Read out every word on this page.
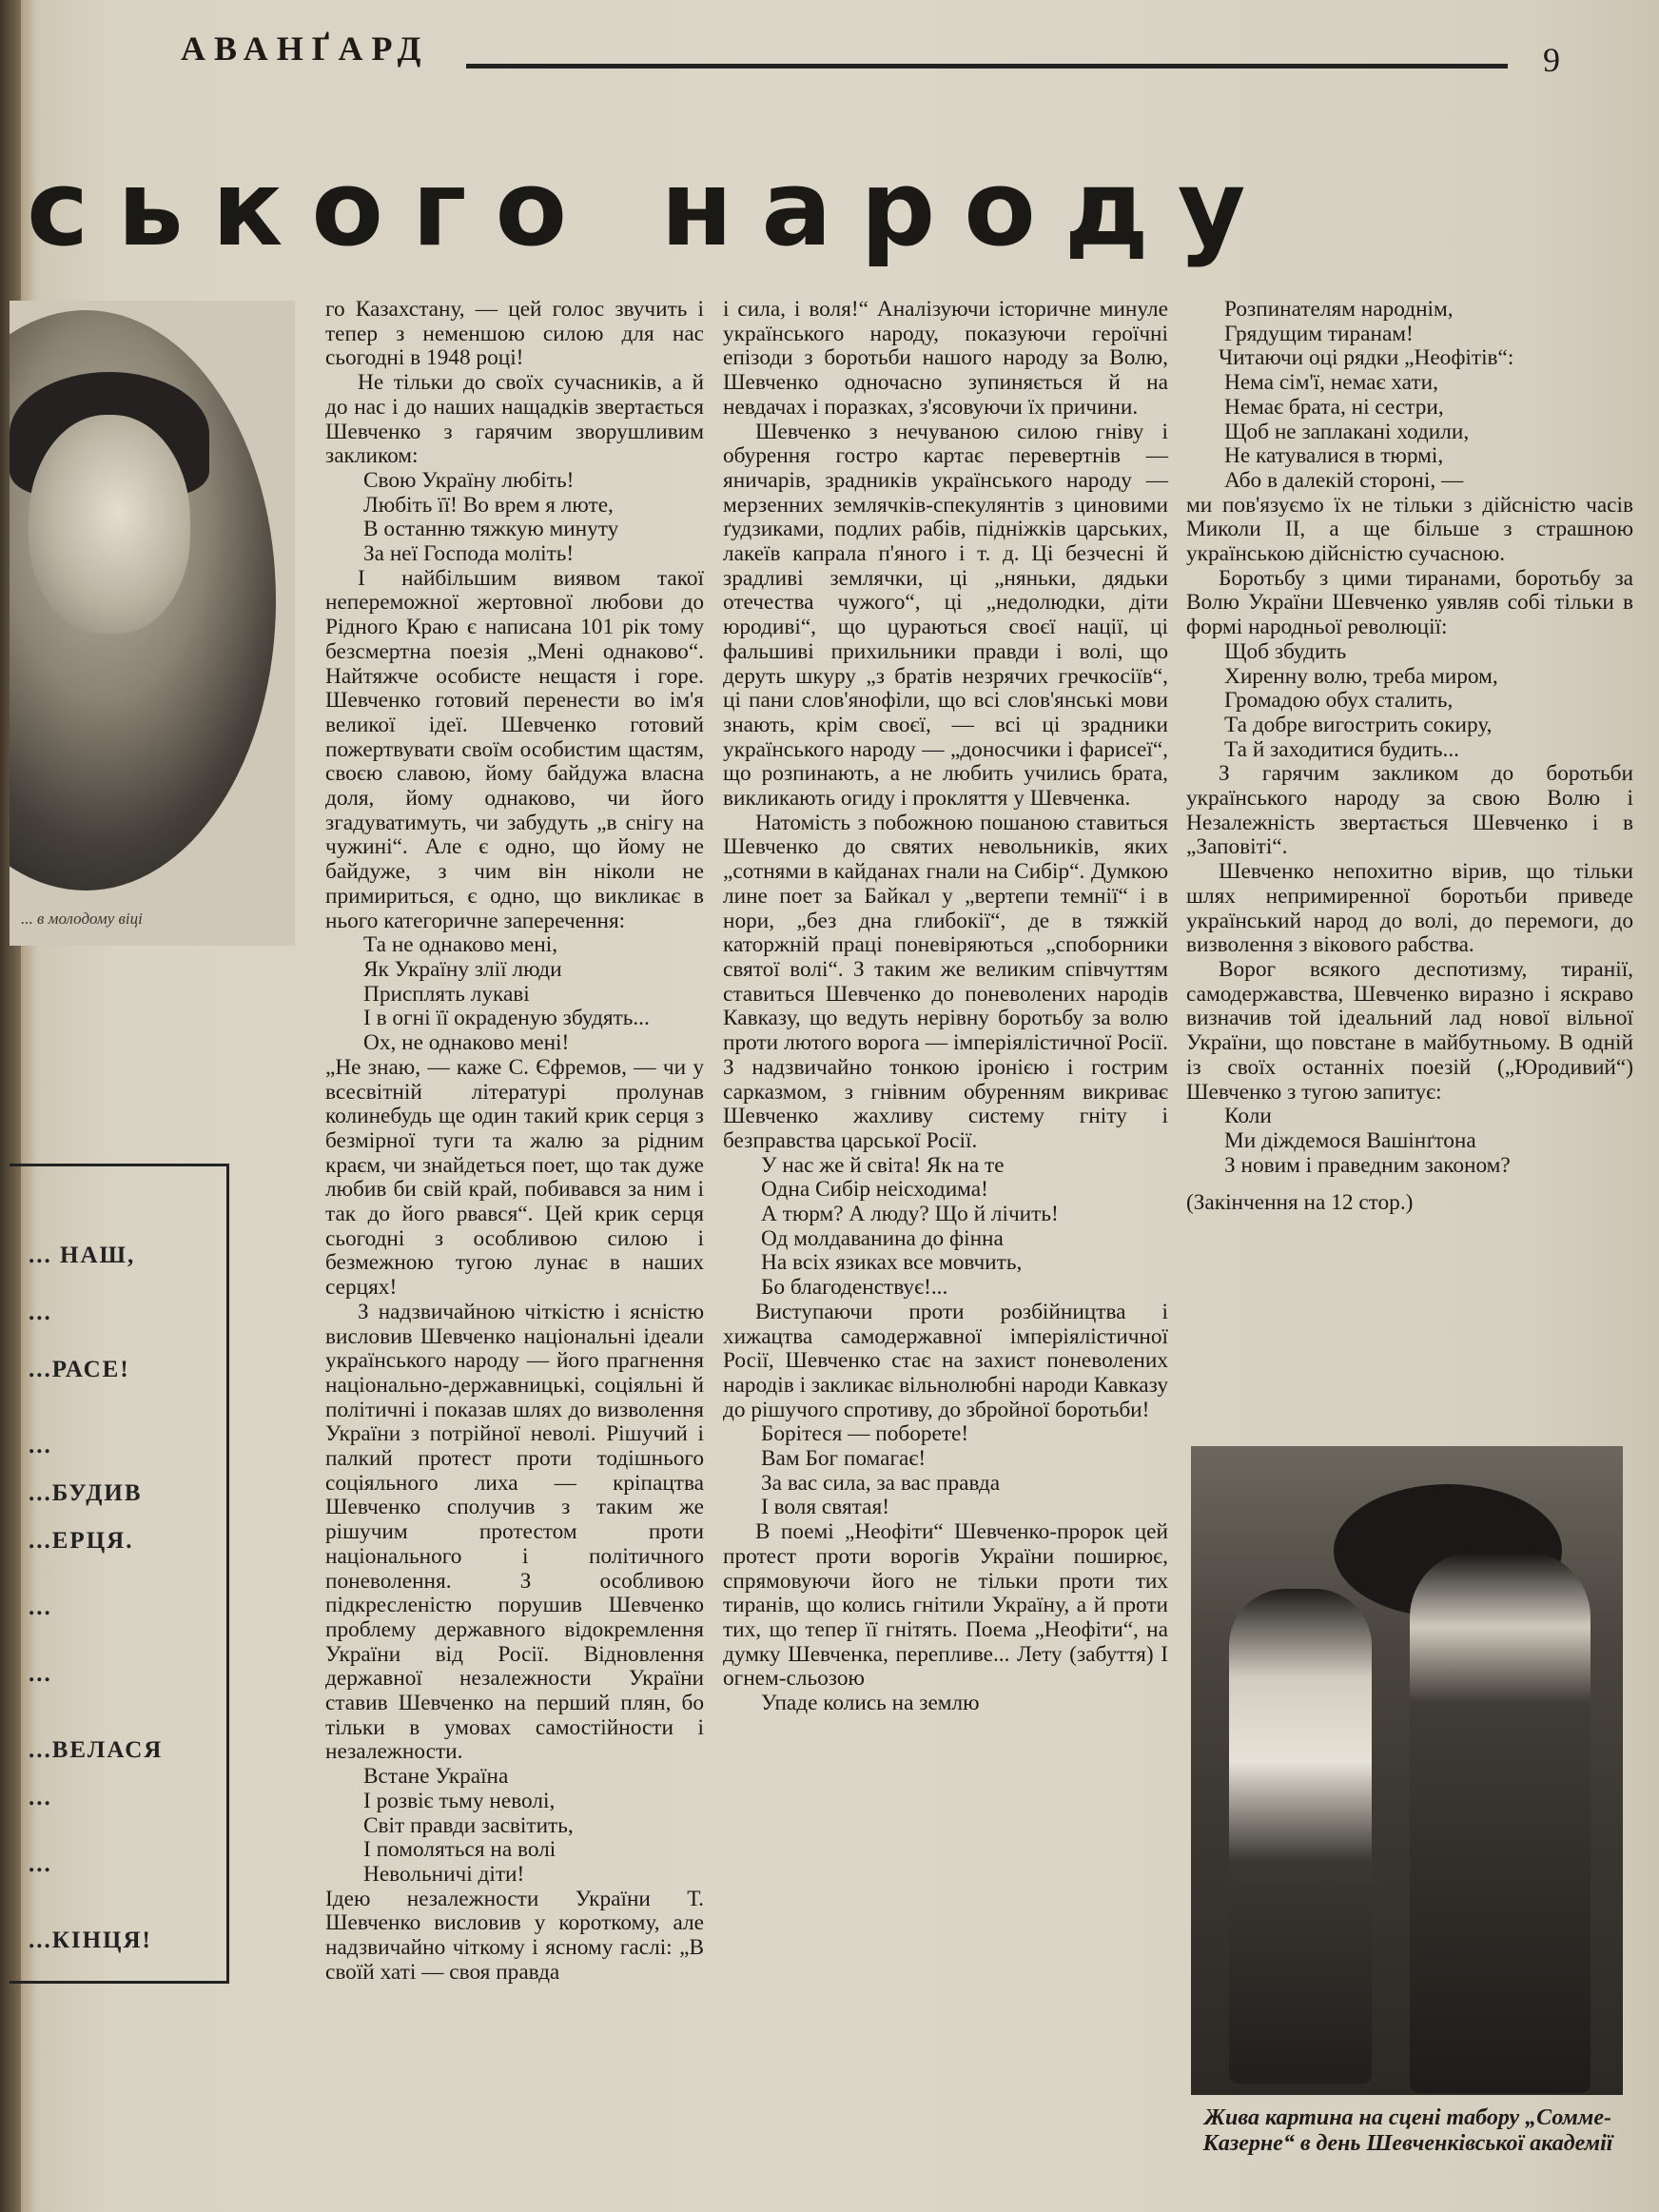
АВАНҐАРД	9
ського народу
... в молодому віці
... НАШ,
...
...РАСЕ!
...
...БУДИВ
...ЕРЦЯ.
...
...
...ВЕЛАСЯ
...
...
...КІНЦЯ!

го Казахстану, — цей голос звучить і тепер з неменшою силою для нас сьогодні в 1948 році!

Не тільки до своїх сучасників, а й до нас і до наших нащадків звертається Шевченко з гарячим зворушливим закликом:

Свою Україну любіть!

Любіть її! Во врем я люте,

В останню тяжкую минуту

За неї Господа моліть!

І найбільшим виявом такої непереможної жертовної любови до Рідного Краю є написана 101 рік тому безсмертна поезія „Мені однаково“. Найтяжче особисте нещастя і горе. Шевченко готовий перенести во ім'я великої ідеї. Шевченко готовий пожертвувати своїм особистим щастям, своєю славою, йому байдужа власна доля, йому однаково, чи його згадуватимуть, чи забудуть „в снігу на чужині“. Але є одно, що йому не байдуже, з чим він ніколи не примириться, є одно, що викликає в нього категоричне заперечення:

Та не однаково мені,

Як Україну злії люди

Присплять лукаві

І в огні її окраденую збудять...

Ох, не однаково мені!

„Не знаю, — каже С. Єфремов, — чи у всесвітній літературі пролунав колинебудь ще один такий крик серця з безмірної туги та жалю за рідним краєм, чи знайдеться поет, що так дуже любив би свій край, побивався за ним і так до його рвався“. Цей крик серця сьогодні з особливою силою і безмежною тугою лунає в наших серцях!

З надзвичайною чіткістю і ясністю висловив Шевченко національні ідеали українського народу — його прагнення національно-державницькі, соціяльні й політичні і показав шлях до визволення України з потрійної неволі. Рішучий і палкий протест проти тодішнього соціяльного лиха — кріпацтва Шевченко сполучив з таким же рішучим протестом проти національного і політичного поневолення. З особливою підкресленістю порушив Шевченко проблему державного відокремлення України від Росії. Відновлення державної незалежности України ставив Шевченко на перший плян, бо тільки в умовах самостійности і незалежности.

Встане Україна

І розвіє тьму неволі,

Світ правди засвітить,

І помоляться на волі

Невольничі діти!

Ідею незалежности України Т. Шевченко висловив у короткому, але надзвичайно чіткому і ясному гаслі: „В своїй хаті — своя правда

і сила, і воля!“ Аналізуючи історичне минуле українського народу, показуючи героїчні епізоди з боротьби нашого народу за Волю, Шевченко одночасно зупиняється й на невдачах і поразках, з'ясовуючи їх причини.

Шевченко з нечуваною силою гніву і обурення гостро картає перевертнів — яничарів, зрадників українського народу — мерзенних землячків-спекулянтів з циновими ґудзиками, подлих рабів, підніжків царських, лакеїв капрала п'яного і т. д. Ці безчесні й зрадливі землячки, ці „няньки, дядьки отечества чужого“, ці „недолюдки, діти юродиві“, що цураються своєї нації, ці фальшиві прихильники правди і волі, що деруть шкуру „з братів незрячих гречкосіїв“, ці пани слов'янофіли, що всі слов'янські мови знають, крім своєї, — всі ці зрадники українського народу — „доносчики і фарисеї“, що розпинають, а не любить учились брата, викликають огиду і прокляття у Шевченка.

Натомість з побожною пошаною ставиться Шевченко до святих невольників, яких „сотнями в кайданах гнали на Сибір“. Думкою лине поет за Байкал у „вертепи темнії“ і в нори, „без дна глибокії“, де в тяжкій каторжній праці поневіряються „споборники святої волі“. З таким же великим співчуттям ставиться Шевченко до поневолених народів Кавказу, що ведуть нерівну боротьбу за волю проти лютого ворога — імперіялістичної Росії. З надзвичайно тонкою іронією і гострим сарказмом, з гнівним обуренням викриває Шевченко жахливу систему гніту і безправства царської Росії.

У нас же й світа! Як на те

Одна Сибір неісходима!

А тюрм? А люду? Що й лічить!

Од молдаванина до фінна

На всіх язиках все мовчить,

Бо благоденствує!...

Виступаючи проти розбійництва і хижацтва самодержавної імперіялістичної Росії, Шевченко стає на захист поневолених народів і закликає вільнолюбні народи Кавказу до рішучого спротиву, до збройної боротьби!

Борітеся — поборете!

Вам Бог помагає!

За вас сила, за вас правда

І воля святая!

В поемі „Неофіти“ Шевченко-пророк цей протест проти ворогів України поширює, спрямовуючи його не тільки проти тих тиранів, що колись гнітили Україну, а й проти тих, що тепер її гнітять. Поема „Неофіти“, на думку Шевченка, перепливе... Лету (забуття) І огнем-сльозою

Упаде колись на землю

Розпинателям народнім,

Грядущим тиранам!

Читаючи оці рядки „Неофітів“:

Нема сім'ї, немає хати,

Немає брата, ні сестри,

Щоб не заплакані ходили,

Не катувалися в тюрмі,

Або в далекій стороні, —

ми пов'язуємо їх не тільки з дійсністю часів Миколи II, а ще більше з страшною українською дійсністю сучасною.

Боротьбу з цими тиранами, боротьбу за Волю України Шевченко уявляв собі тільки в формі народньої революції:

Щоб збудить

Хиренну волю, треба миром,

Громадою обух сталить,

Та добре вигострить сокиру,

Та й заходитися будить...

З гарячим закликом до боротьби українського народу за свою Волю і Незалежність звертається Шевченко і в „Заповіті“.

Шевченко непохитно вірив, що тільки шлях непримиренної боротьби приведе український народ до волі, до перемоги, до визволення з вікового рабства.

Ворог всякого деспотизму, тиранії, самодержавства, Шевченко виразно і яскраво визначив той ідеальний лад нової вільної України, що повстане в майбутньому. В одній із своїх останніх поезій („Юродивий“) Шевченко з тугою запитує:

Коли

Ми діждемося Вашінґтона

З новим і праведним законом?

(Закінчення на 12 стор.)

Жива картина на сцені табору „Сомме-Казерне“ в день Шевченківської академії
